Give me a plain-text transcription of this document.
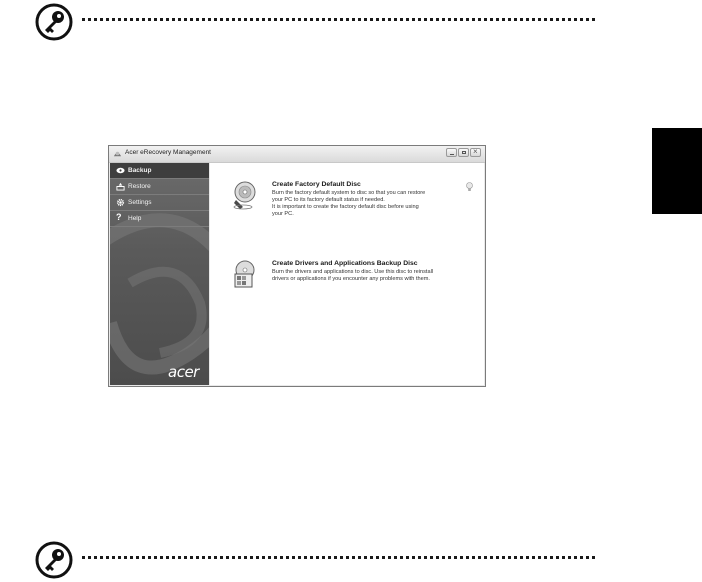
Acer eRecovery Management
×
Backup
Restore
Settings
?	Help
acer
Create Factory Default Disc
Burn the factory default system to disc so that you can restore
your PC to its factory default status if needed.
It is important to create the factory default disc before using
your PC.
Create Drivers and Applications Backup Disc
Burn the drivers and applications to disc. Use this disc to reinstall
drivers or applications if you encounter any problems with them.
